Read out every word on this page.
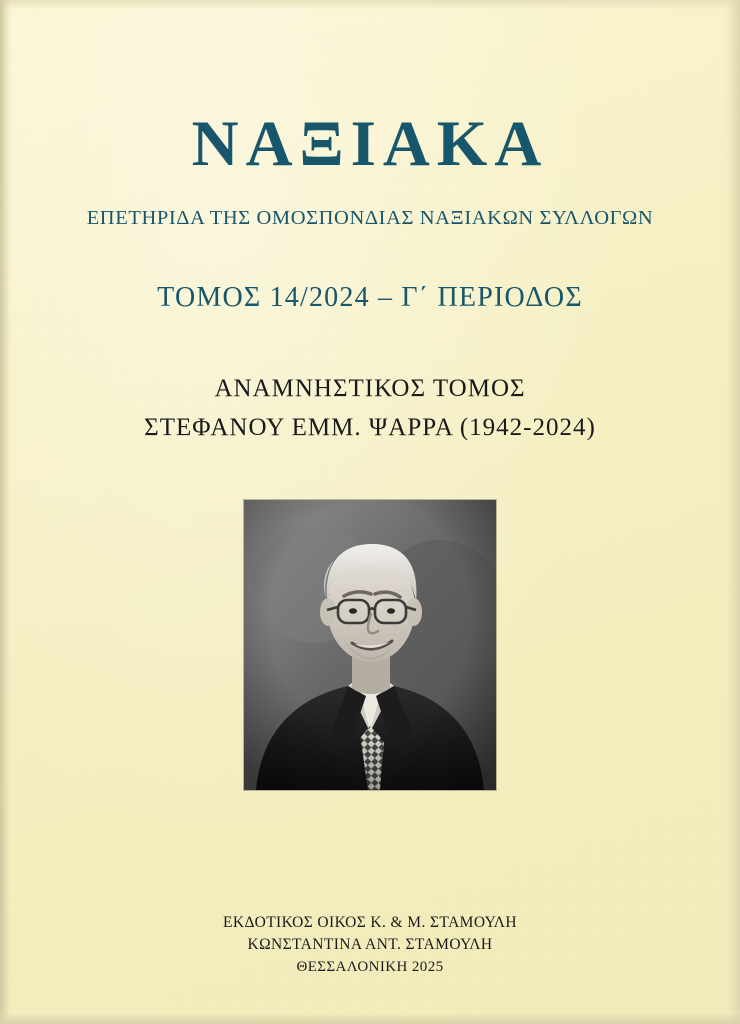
ΝΑΞΙΑΚΑ

ΕΠΕΤΗΡΙΔΑ ΤΗΣ ΟΜΟΣΠΟΝΔΙΑΣ ΝΑΞΙΑΚΩΝ ΣΥΛΛΟΓΩΝ

ΤΟΜΟΣ 14/2024 – Γ΄ ΠΕΡΙΟΔΟΣ

ΑΝΑΜΝΗΣΤΙΚΟΣ ΤΟΜΟΣ

ΣΤΕΦΑΝΟΥ ΕΜΜ. ΨΑΡΡΑ (1942-2024)

ΕΚΔΟΤΙΚΟΣ ΟΙΚΟΣ Κ. & Μ. ΣΤΑΜΟΥΛΗ

ΚΩΝΣΤΑΝΤΙΝΑ ΑΝΤ. ΣΤΑΜΟΥΛΗ

ΘΕΣΣΑΛΟΝΙΚΗ 2025
